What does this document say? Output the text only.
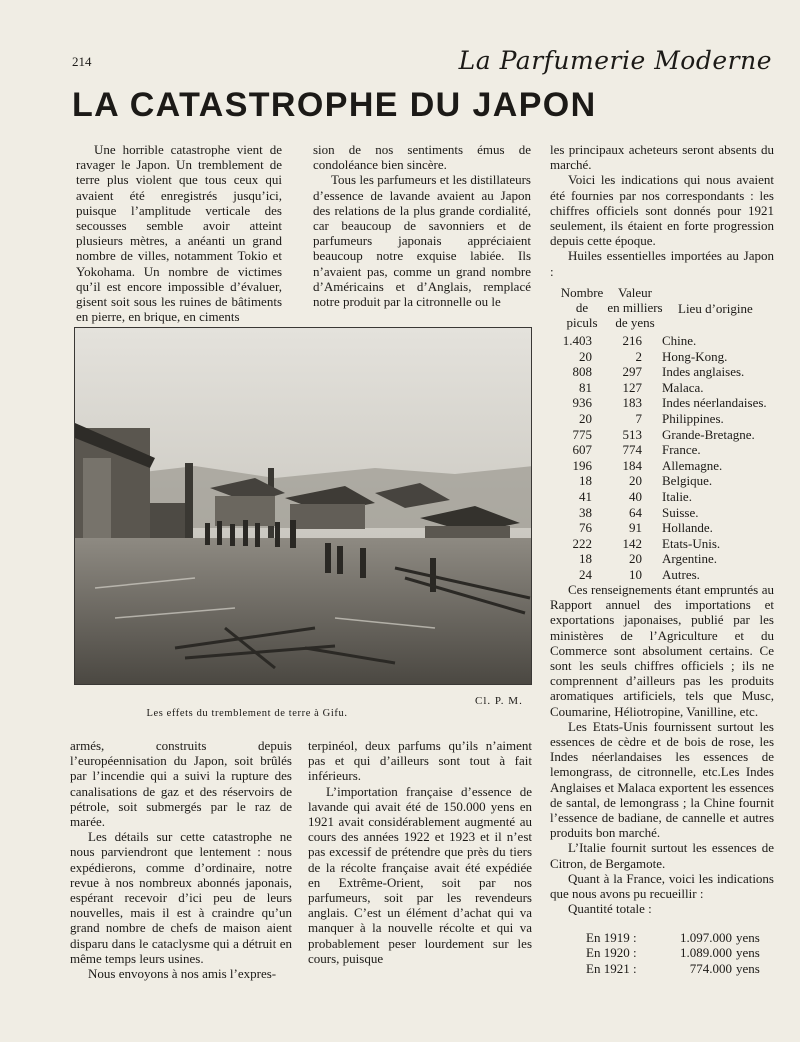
214	La Parfumerie Moderne
LA CATASTROPHE DU JAPON

Une horrible catastrophe vient de ravager le Japon. Un tremblement de terre plus violent que tous ceux qui avaient été enregistrés jusqu’ici, puisque l’amplitude verticale des secousses semble avoir atteint plusieurs mètres, a anéanti un grand nombre de villes, notamment Tokio et Yokohama. Un nombre de victimes qu’il est encore impossible d’évaluer, gisent soit sous les ruines de bâtiments en pierre, en brique, en ciments

sion de nos sentiments émus de condoléance bien sincère.

Tous les parfumeurs et les distillateurs d’essence de lavande avaient au Japon des relations de la plus grande cordialité, car beaucoup de savonniers et de parfumeurs japonais appréciaient beaucoup notre exquise labiée. Ils n’avaient pas, comme un grand nombre d’Américains et d’Anglais, remplacé notre produit par la citronnelle ou le

les principaux acheteurs seront absents du marché.

Voici les indications qui nous avaient été fournies par nos correspondants : les chiffres officiels sont donnés pour 1921 seulement, ils étaient en forte progression depuis cette époque.

Huiles essentielles importées au Japon :

Nombre
de
piculs
Valeur
en milliers
de yens
Lieu d’origine
1.403	216 Chine.
20	2 Hong-Kong.
808	297 Indes anglaises.
81	127 Malaca.
936	183 Indes néerlandaises.
20	7 Philippines.
775	513 Grande-Bretagne.
607	774 France.
196	184 Allemagne.
18	20 Belgique.
41	40 Italie.
38	64 Suisse.
76	91 Hollande.
222	142 Etats-Unis.
18	20 Argentine.
24	10 Autres.
Cl. P. M.
Les effets du tremblement de terre à Gifu.

armés, construits depuis l’européennisation du Japon, soit brûlés par l’incendie qui a suivi la rupture des canalisations de gaz et des réservoirs de pétrole, soit submergés par le raz de marée.

Les détails sur cette catastrophe ne nous parviendront que lentement : nous expédierons, comme d’ordinaire, notre revue à nos nombreux abonnés japonais, espérant recevoir d’ici peu de leurs nouvelles, mais il est à craindre qu’un grand nombre de chefs de maison aient disparu dans le cataclysme qui a détruit en même temps leurs usines.

Nous envoyons à nos amis l’expres-

terpinéol, deux parfums qu’ils n’aiment pas et qui d’ailleurs sont tout à fait inférieurs.

L’importation française d’essence de lavande qui avait été de 150.000 yens en 1921 avait considérablement augmenté au cours des années 1922 et 1923 et il n’est pas excessif de prétendre que près du tiers de la récolte française avait été expédiée en Extrême-Orient, soit par nos parfumeurs, soit par les revendeurs anglais. C’est un élément d’achat qui va manquer à la nouvelle récolte et qui va probablement peser lourdement sur les cours, puisque

Ces renseignements étant empruntés au Rapport annuel des importations et exportations japonaises, publié par les ministères de l’Agriculture et du Commerce sont absolument certains. Ce sont les seuls chiffres officiels ; ils ne comprennent d’ailleurs pas les produits aromatiques artificiels, tels que Musc, Coumarine, Héliotropine, Vanilline, etc.

Les Etats-Unis fournissent surtout les essences de cèdre et de bois de rose, les Indes néerlandaises les essences de lemongrass, de citronnelle, etc.Les Indes Anglaises et Malaca exportent les essences de santal, de lemongrass ; la Chine fournit l’essence de badiane, de cannelle et autres produits bon marché.

L’Italie fournit surtout les essences de Citron, de Bergamote.

Quant à la France, voici les indications que nous avons pu recueillir :

Quantité totale :

En 1919 :	1.097.000 yens
En 1920 :	1.089.000 yens
En 1921 :	774.000 yens
